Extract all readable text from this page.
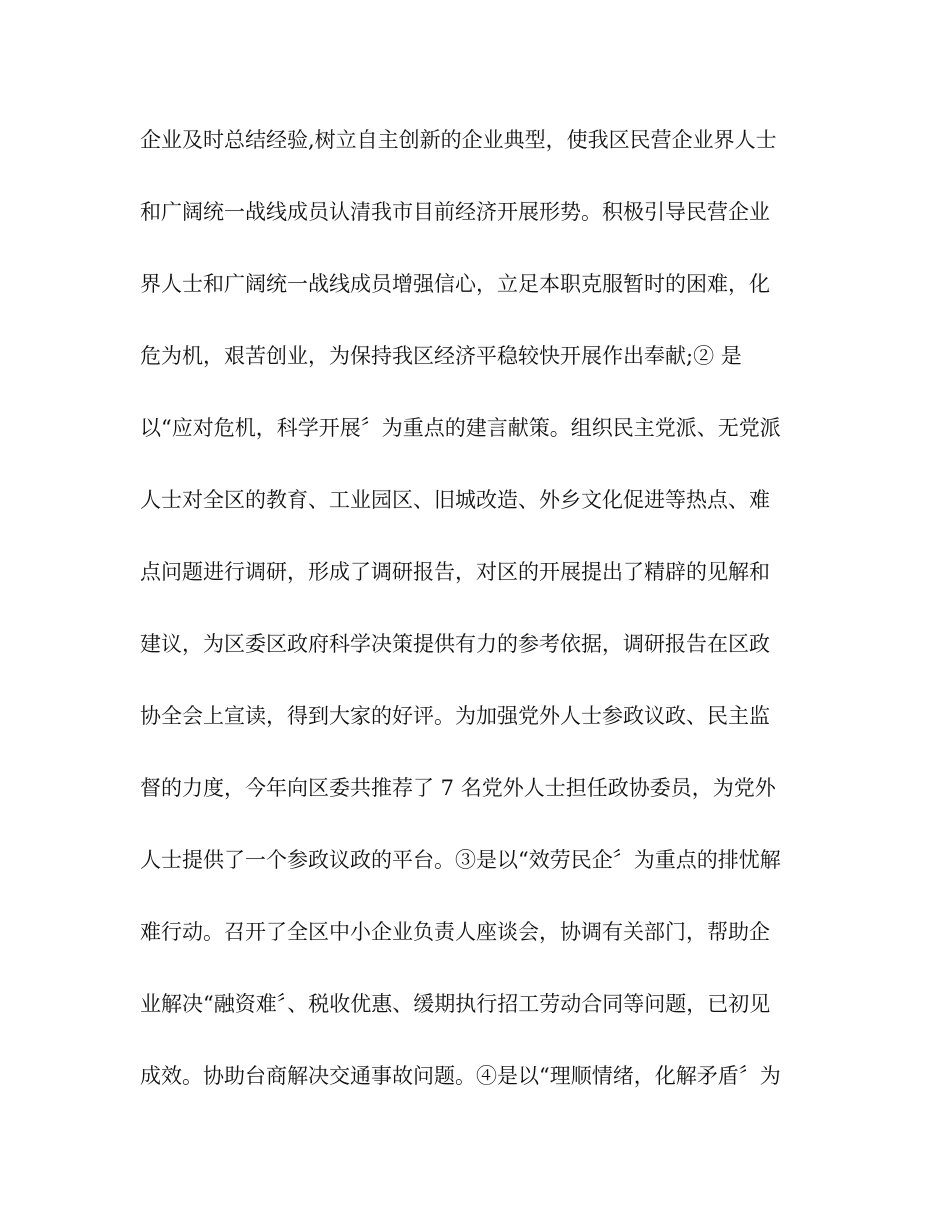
企业及时总结经验,树立自主创新的企业典型，使我区民营企业界人士
和广阔统一战线成员认清我市目前经济开展形势。积极引导民营企业
界人士和广阔统一战线成员增强信心，立足本职克服暂时的困难，化
危为机，艰苦创业，为保持我区经济平稳较快开展作出奉献;② 是
以“应对危机，科学开展〞为重点的建言献策。组织民主党派、无党派
人士对全区的教育、工业园区、旧城改造、外乡文化促进等热点、难
点问题进行调研，形成了调研报告，对区的开展提出了精辟的见解和
建议，为区委区政府科学决策提供有力的参考依据，调研报告在区政
协全会上宣读，得到大家的好评。为加强党外人士参政议政、民主监
督的力度，今年向区委共推荐了 7 名党外人士担任政协委员，为党外
人士提供了一个参政议政的平台。③是以“效劳民企〞为重点的排忧解
难行动。召开了全区中小企业负责人座谈会，协调有关部门，帮助企
业解决“融资难〞、税收优惠、缓期执行招工劳动合同等问题，已初见
成效。协助台商解决交通事故问题。④是以“理顺情绪，化解矛盾〞为
